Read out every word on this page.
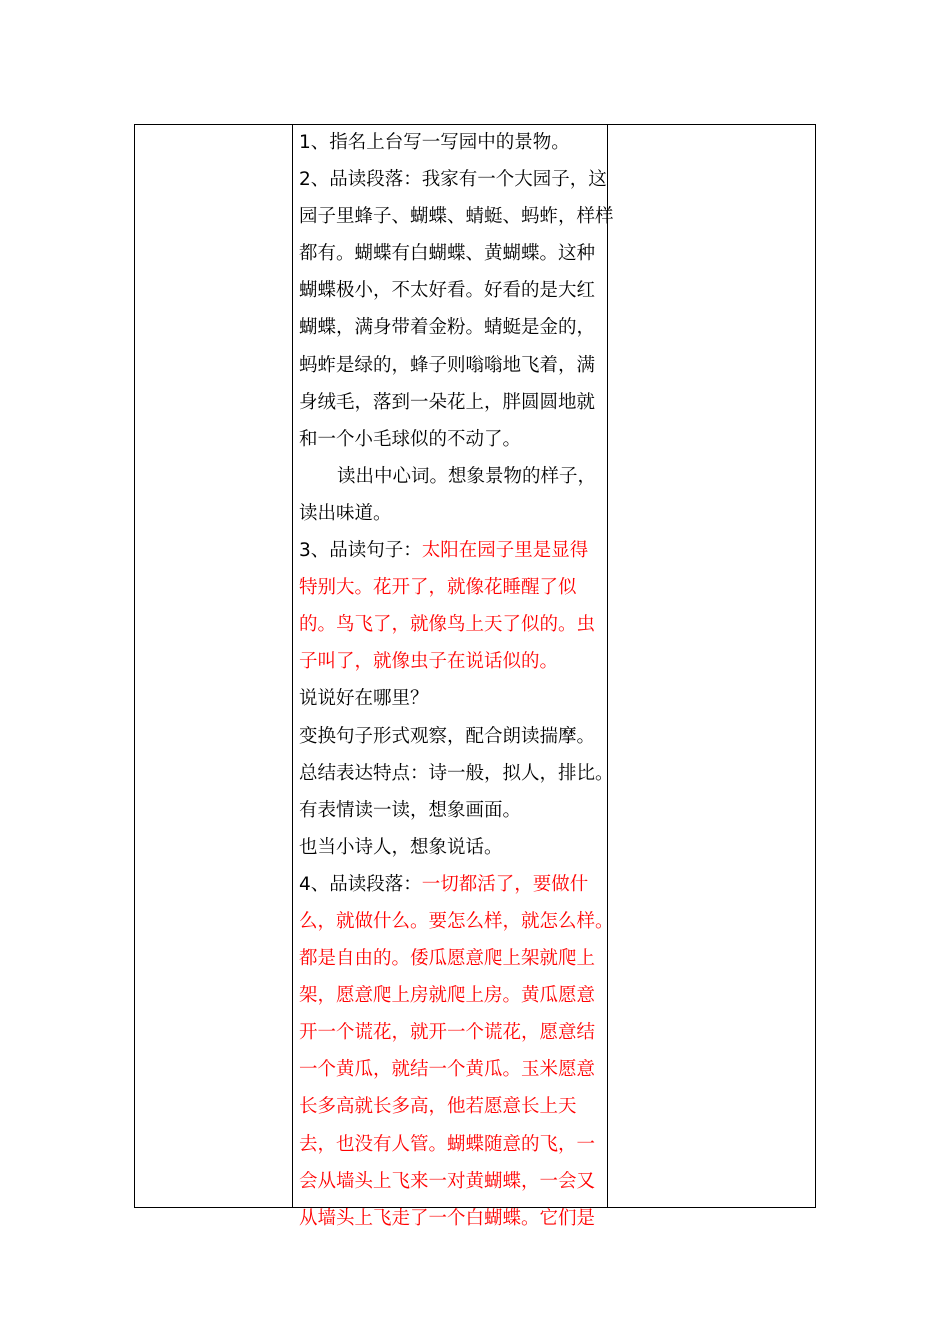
1、指名上台写一写园中的景物。
2、品读段落：我家有一个大园子，这
园子里蜂子、蝴蝶、蜻蜓、蚂蚱，样样
都有。蝴蝶有白蝴蝶、黄蝴蝶。这种
蝴蝶极小，不太好看。好看的是大红
蝴蝶，满身带着金粉。蜻蜓是金的，
蚂蚱是绿的，蜂子则嗡嗡地飞着，满
身绒毛，落到一朵花上，胖圆圆地就
和一个小毛球似的不动了。
读出中心词。想象景物的样子，
读出味道。
3、品读句子：太阳在园子里是显得
特别大。花开了，就像花睡醒了似
的。鸟飞了，就像鸟上天了似的。虫
子叫了，就像虫子在说话似的。
说说好在哪里？
变换句子形式观察，配合朗读揣摩。
总结表达特点：诗一般，拟人，排比。
有表情读一读，想象画面。
也当小诗人，想象说话。
4、品读段落：一切都活了，要做什
么，就做什么。要怎么样，就怎么样。
都是自由的。倭瓜愿意爬上架就爬上
架，愿意爬上房就爬上房。黄瓜愿意
开一个谎花，就开一个谎花，愿意结
一个黄瓜，就结一个黄瓜。玉米愿意
长多高就长多高，他若愿意长上天
去，也没有人管。蝴蝶随意的飞，一
会从墙头上飞来一对黄蝴蝶，一会又
从墙头上飞走了一个白蝴蝶。它们是
